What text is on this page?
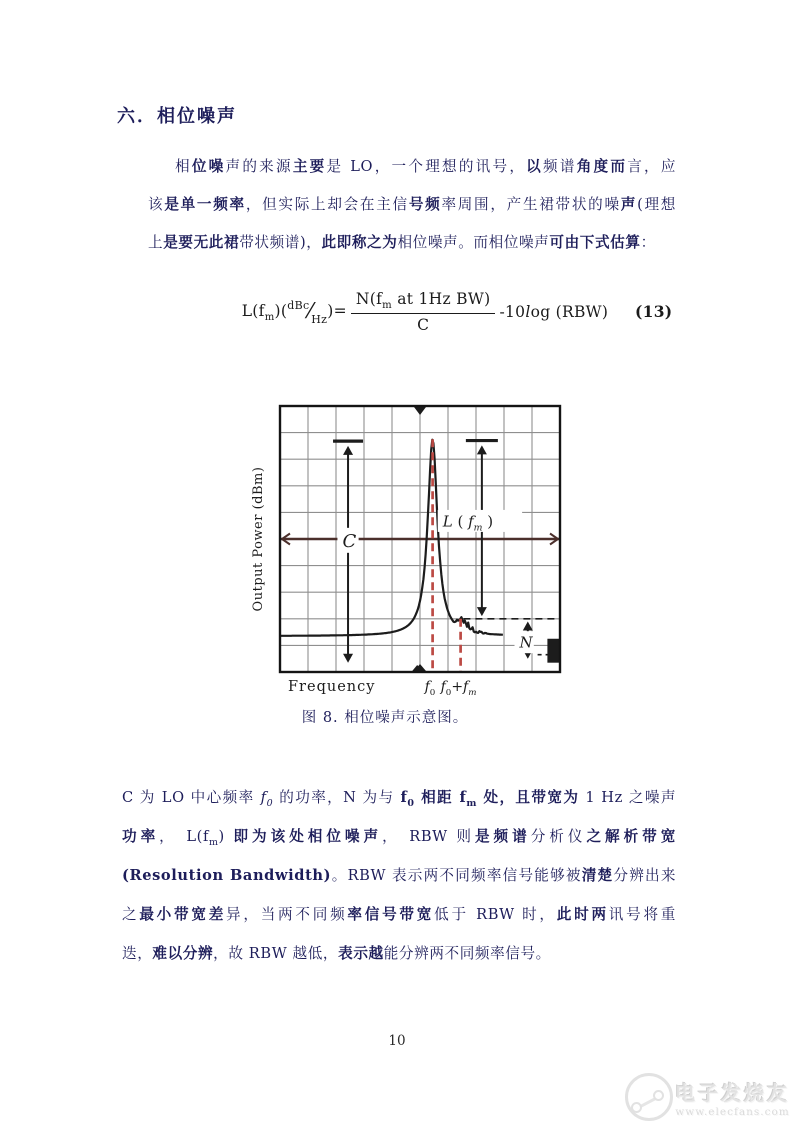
六．相位噪声
相位噪声的来源主要是 LO，一个理想的讯号，以频谱角度而言，应
该是单一频率，但实际上却会在主信号频率周围，产生裙带状的噪声(理想
上是要无此裙带状频谱)，此即称之为相位噪声。而相位噪声可由下式估算：
$L(f_m)(^{dBc}⁄_{Hz})= \frac{N(f_m at 1Hz BW)}{C} -10\log$ (RBW) (13)
C
L ( $f_m$ )
N
Frequency
Output Power (dBm)
$f_0$ $f_0+f_m$
图 8. 相位噪声示意图。
C 为 LO 中心频率 $f_0$ 的功率，N 为与 $f_0$ 相距 $f_m$ 处，且带宽为 1 Hz 之噪声
功率， $L(f_m)$ 即为该处相位噪声， RBW 则是频谱分析仪之解析带宽
(Resolution Bandwidth)。RBW 表示两不同频率信号能够被清楚分辨出来
之最小带宽差异，当两不同频率信号带宽低于 RBW 时，此时两讯号将重
迭，难以分辨，故 RBW 越低，表示越能分辨两不同频率信号。
10
电子发烧友
www.elecfans.com
